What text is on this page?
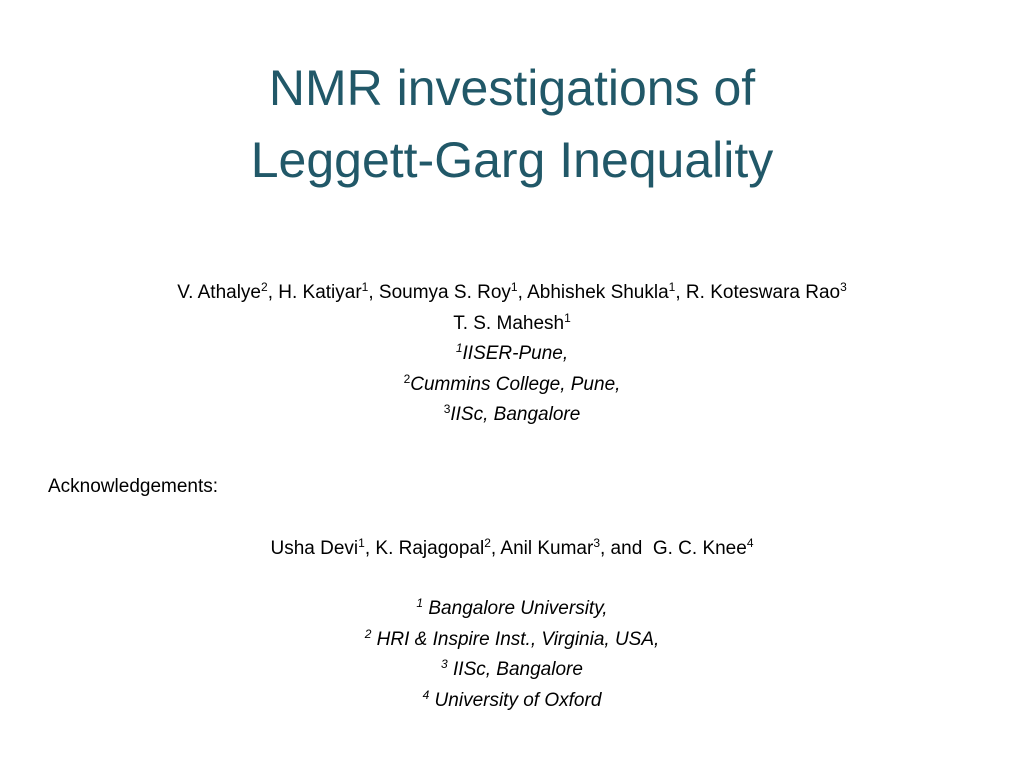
NMR investigations of
Leggett-Garg Inequality
V. Athalye$^2$, H. Katiyar$^1$, Soumya S. Roy$^1$, Abhishek Shukla$^1$, R. Koteswara Rao$^3$
T. S. Mahesh$^1$
$^1$IISER-Pune,
$^2$Cummins College, Pune,
$^3$IISc, Bangalore
Acknowledgements:
Usha Devi$^1$, K. Rajagopal$^2$, Anil Kumar$^3$, and  G. C. Knee$^4$
$^1$ Bangalore University,
$^2$ HRI & Inspire Inst., Virginia, USA,
$^3$ IISc, Bangalore
$^4$ University of Oxford
